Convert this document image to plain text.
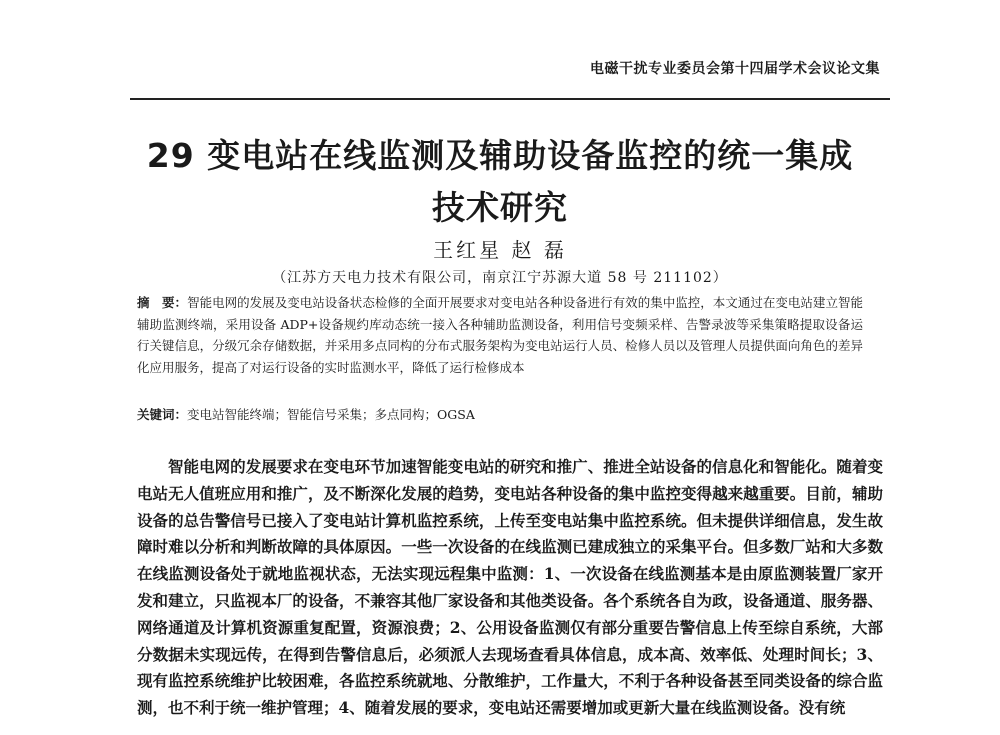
电磁干扰专业委员会第十四届学术会议论文集
29 变电站在线监测及辅助设备监控的统一集成
技术研究
王红星 赵 磊
（江苏方天电力技术有限公司，南京江宁苏源大道 58 号 211102）
摘　要：智能电网的发展及变电站设备状态检修的全面开展要求对变电站各种设备进行有效的集中监控，本文通过在变电站建立智能辅助监测终端，采用设备 ADP+设备规约库动态统一接入各种辅助监测设备，利用信号变频采样、告警录波等采集策略提取设备运行关键信息，分级冗余存储数据，并采用多点同构的分布式服务架构为变电站运行人员、检修人员以及管理人员提供面向角色的差异化应用服务，提高了对运行设备的实时监测水平，降低了运行检修成本
关键词：变电站智能终端；智能信号采集；多点同构；OGSA
智能电网的发展要求在变电环节加速智能变电站的研究和推广、推进全站设备的信息化和智能化。随着变电站无人值班应用和推广，及不断深化发展的趋势，变电站各种设备的集中监控变得越来越重要。目前，辅助设备的总告警信号已接入了变电站计算机监控系统，上传至变电站集中监控系统。但未提供详细信息，发生故障时难以分析和判断故障的具体原因。一些一次设备的在线监测已建成独立的采集平台。但多数厂站和大多数在线监测设备处于就地监视状态，无法实现远程集中监测：1、一次设备在线监测基本是由原监测装置厂家开发和建立，只监视本厂的设备，不兼容其他厂家设备和其他类设备。各个系统各自为政，设备通道、服务器、网络通道及计算机资源重复配置，资源浪费；2、公用设备监测仅有部分重要告警信息上传至综自系统，大部分数据未实现远传，在得到告警信息后，必须派人去现场查看具体信息，成本高、效率低、处理时间长；3、现有监控系统维护比较困难，各监控系统就地、分散维护，工作量大，不利于各种设备甚至同类设备的综合监测，也不利于统一维护管理；4、随着发展的要求，变电站还需要增加或更新大量在线监测设备。没有统
